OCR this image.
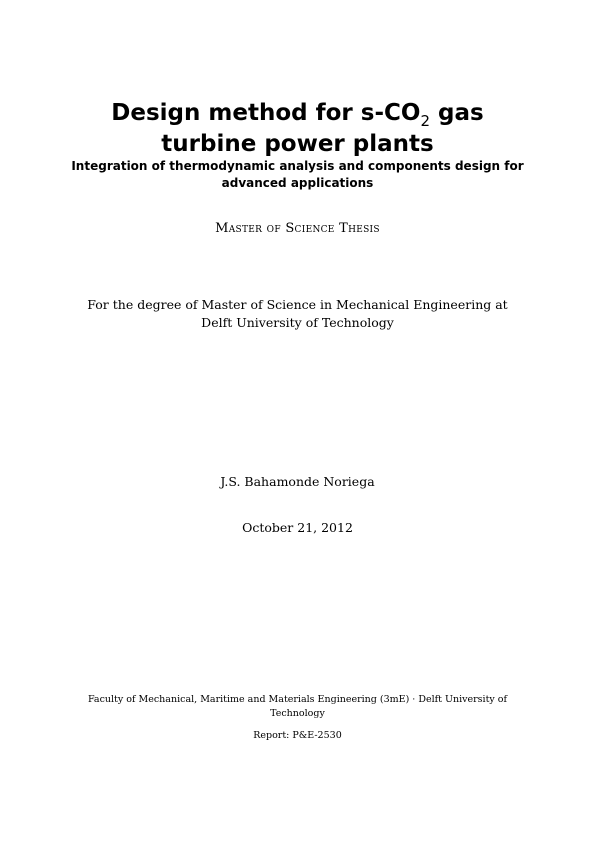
Design method for $s-CO_2$ gas turbine power plants
Integration of thermodynamic analysis and components design for advanced applications
Master of Science Thesis
For the degree of Master of Science in Mechanical Engineering at Delft University of Technology
J.S. Bahamonde Noriega
October 21, 2012
Faculty of Mechanical, Maritime and Materials Engineering (3mE) · Delft University of Technology
Report: P&E-2530
